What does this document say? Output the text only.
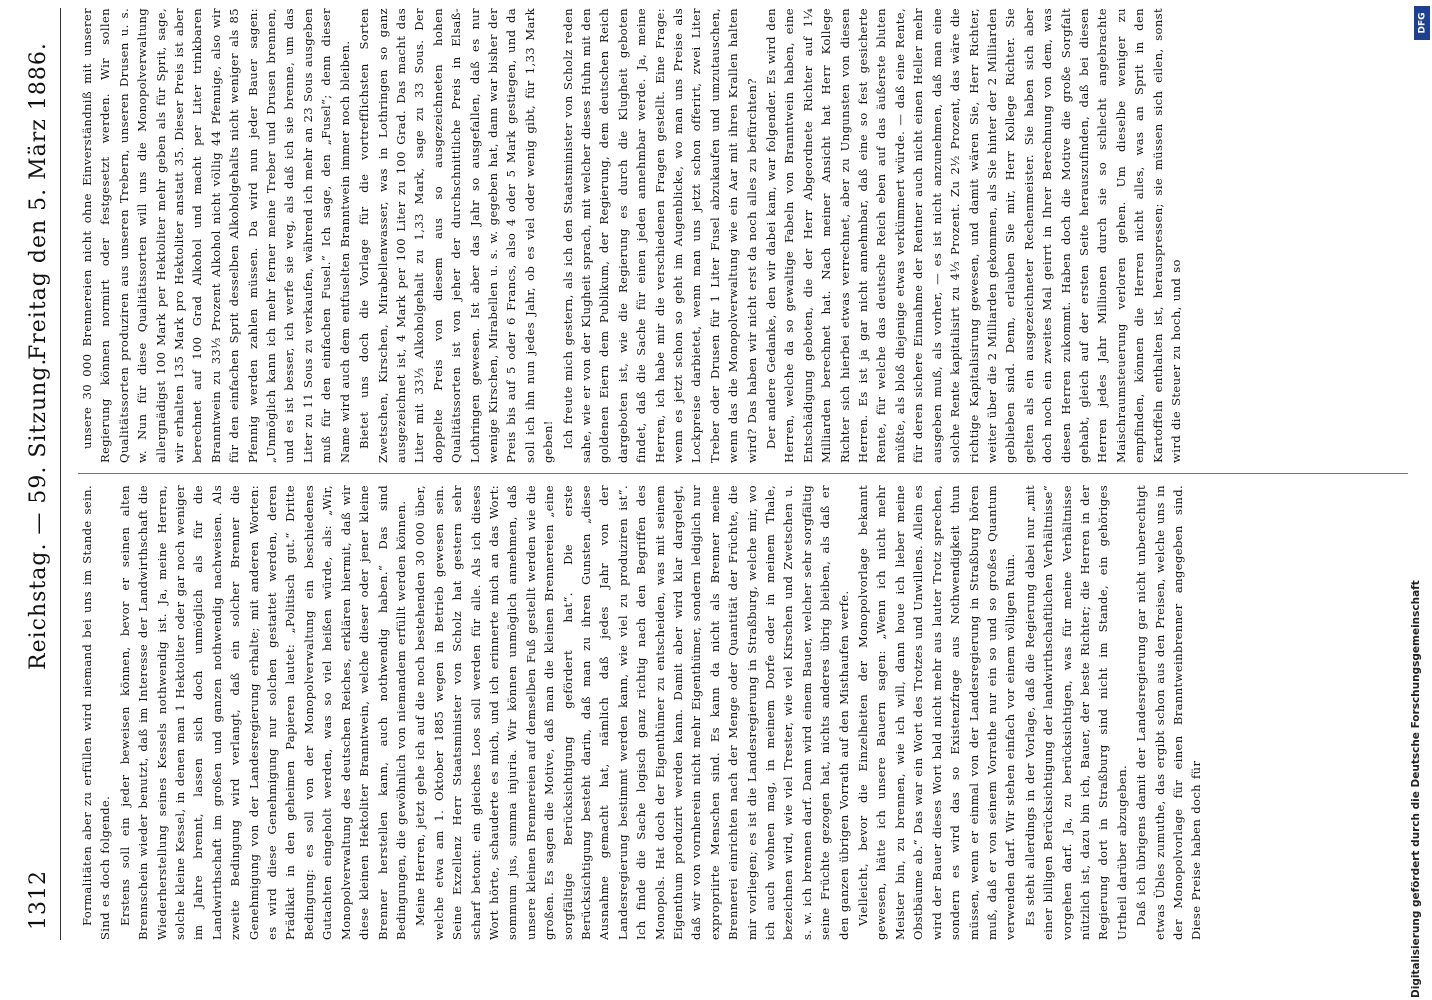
1312
Reichstag. — 59. Sitzung.
Freitag den 5. März 1886.

Formalitäten aber zu erfüllen wird niemand bei uns im Stande sein. Sind es doch folgende. Erstens soll ein jeder beweisen können, bevor er seinen alten Brennschein wieder benutzt, daß im Interesse der Landwirthschaft die Wiederherstellung seines Kessels nothwendig ist. Ja, meine Herren, solche kleine Kessel, in denen man 1 Hektoliter oder gar noch weniger im Jahre brennt, lassen sich doch unmöglich als für die Landwirthschaft im großen und ganzen nothwendig nachweisen. Als zweite Bedingung wird verlangt, daß ein solcher Brenner die Genehmigung von der Landesregierung erhalte; mit anderen Worten: es wird diese Genehmigung nur solchen gestattet werden, deren Prädikat in den geheimen Papieren lautet: „Politisch gut.“ Dritte Bedingung: es soll von der Monopolverwaltung ein beschiedenes Gutachten eingeholt werden, was so viel heißen würde, als: „Wir, Monopolverwaltung des deutschen Reiches, erklären hiermit, daß wir diese kleinen Hektoliter Branntwein, welche dieser oder jener kleine Brenner herstellen kann, auch nothwendig haben.“ Das sind Bedingungen, die gewöhnlich von niemandem erfüllt werden können. Meine Herren, jetzt gehe ich auf die noch bestehenden 30 000 über, welche etwa am 1. Oktober 1885 wegen in Betrieb gewesen sein. Seine Exzellenz Herr Staatsminister von Scholz hat gestern sehr scharf betont: ein gleiches Loos soll werden für alle. Als ich dieses Wort hörte, schauderte es mich, und ich erinnerte mich an das Wort: sommum jus, summa injuria. Wir können unmöglich annehmen, daß unsere kleinen Brennereien auf demselben Fuß gestellt werden wie die großen. Es sagen die Motive, daß man die kleinen Brennereien „eine sorgfältige Berücksichtigung gefördert hat“. Die erste Berücksichtigung besteht darin, daß man zu ihren Gunsten „diese Ausnahme gemacht hat, nämlich daß jedes Jahr von der Landesregierung bestimmt werden kann, wie viel zu produziren ist“. Ich finde die Sache logisch ganz richtig nach den Begriffen des Monopols. Hat doch der Eigenthümer zu entscheiden, was mit seinem Eigenthum produzirt werden kann. Damit aber wird klar dargelegt, daß wir von vornherein nicht mehr Eigenthümer, sondern lediglich nur expropriirte Menschen sind. Es kann da nicht als Brenner meine Brennerei einrichten nach der Menge oder Quantität der Früchte, die mir vorliegen; es ist die Landesregierung in Straßburg, welche mir, wo ich auch wohnen mag, in meinem Dorfe oder in meinem Thale, bezeichnen wird, wie viel Trester, wie viel Kirschen und Zwetschen u. s. w. ich brennen darf. Dann wird einem Bauer, welcher sehr sorgfältig seine Früchte gezogen hat, nichts anderes übrig bleiben, als daß er den ganzen übrigen Vorrath auf den Misthaufen werfe. Vielleicht, bevor die Einzelheiten der Monopolvorlage bekannt gewesen, hätte ich unsere Bauern sagen: „Wenn ich nicht mehr Meister bin, zu brennen, wie ich will, dann houe ich lieber meine Obstbäume ab.“ Das war ein Wort des Trotzes und Unwillens. Allein es wird der Bauer dieses Wort bald nicht mehr aus lauter Trotz sprechen, sondern es wird das so Existenzfrage aus Nothwendigkeit thun müssen, wenn er einmal von der Landesregierung in Straßburg hören muß, daß er von seinem Vorrathe nur ein so und so großes Quantum verwenden darf. Wir stehen einfach vor einem völligen Ruin. Es steht allerdings in der Vorlage, daß die Regierung dabei nur „mit einer billigen Berücksichtigung der landwirthschaftlichen Verhältnisse“ vorgehen darf. Ja, zu berücksichtigen, was für meine Verhältnisse nützlich ist, dazu bin ich, Bauer, der beste Richter; die Herren in der Regierung dort in Straßburg sind nicht im Stande, ein gehöriges Urtheil darüber abzugeben. Daß ich übrigens damit der Landesregierung gar nicht unberechtigt etwas Übles zumuthe, das ergibt schon aus den Preisen, welche uns in der Monopolvorlage für einen Branntweinbrenner angegeben sind. Diese Preise haben doch für

unsere 30 000 Brennereien nicht ohne Einverständniß mit unserer Regierung können normirt oder festgesetzt werden. Wir sollen Qualitätssorten produziren aus unseren Trebern, unseren Drusen u. s. w. Nun für diese Qualitätssorten will uns die Monopolverwaltung allergnädigst 100 Mark per Hektoliter mehr geben als für Sprit, sage, wir erhalten 135 Mark pro Hektoliter anstatt 35. Dieser Preis ist aber berechnet auf 100 Grad Alkohol und macht per Liter trinkbaren Branntwein zu 33⅓ Prozent Alkohol nicht völlig 44 Pfennige, also wir für den einfachen Sprit desselben Alkoholgehalts nicht weniger als 85 Pfennig werden zahlen müssen. Da wird nun jeder Bauer sagen: „Unmöglich kann ich mehr ferner meine Treber und Drusen brennen, und es ist besser, ich werfe sie weg, als daß ich sie brenne, um das Liter zu 11 Sous zu verkaufen, während ich mehr an 23 Sous ausgeben muß für den einfachen Fusel.“ Ich sage, den „Fusel“; denn dieser Name wird auch dem entfuselten Branntwein immer noch bleiben. Bietet uns doch die Vorlage für die vortrefflichsten Sorten Zwetschen, Kirschen, Mirabellenwasser, was in Lothringen so ganz ausgezeichnet ist, 4 Mark per 100 Liter zu 100 Grad. Das macht das Liter mit 33⅓ Alkoholgehalt zu 1,33 Mark, sage zu 33 Sous. Der doppelte Preis von diesem aus so ausgezeichneten hohen Qualitätssorten ist von jeher der durchschnittliche Preis in Elsaß-Lothringen gewesen. Ist aber das Jahr so ausgefallen, daß es nur wenige Kirschen, Mirabellen u. s. w. gegeben hat, dann war bisher der Preis bis auf 5 oder 6 Francs, also 4 oder 5 Mark gestiegen, und da soll ich ihn nun jedes Jahr, ob es viel oder wenig gibt, für 1,33 Mark geben! Ich freute mich gestern, als ich den Staatsminister von Scholz reden sahe, wie er von der Klugheit sprach, mit welcher dieses Huhn mit den goldenen Eiern dem Publikum, der Regierung, dem deutschen Reich dargeboten ist, wie die Regierung es durch die Klugheit geboten findet, daß die Sache für einen jeden annehmbar werde. Ja, meine Herren, ich habe mir die verschiedenen Fragen gestellt. Eine Frage: wenn es jetzt schon so geht im Augenblicke, wo man uns Preise als Lockpreise darbietet, wenn man uns jetzt schon offerirt, zwei Liter Treber oder Drusen für 1 Liter Fusel abzukaufen und umzutauschen, wenn das die Monopolverwaltung wie ein Aar mit ihren Krallen halten wird? Das haben wir nicht erst da noch alles zu befürchten? Der andere Gedanke, den wir dabei kam, war folgender. Es wird den Herren, welche da so gewaltige Fabeln von Branntwein haben, eine Entschädigung geboten, die der Herr Abgeordnete Richter auf 1¼ Milliarden berechnet hat. Nach meiner Ansicht hat Herr Kollege Richter sich hierbei etwas verrechnet, aber zu Ungunsten von diesen Herren. Es ist ja gar nicht annehmbar, daß eine so fest gesicherte Rente, für welche das deutsche Reich eben auf das äußerste bluten müßte, als bloß diejenige etwas verkümmert würde. — daß eine Rente, für deren sichere Einnahme der Rentner auch nicht einen Heller mehr ausgeben muß, als vorher, — es ist nicht anzunehmen, daß man eine solche Rente kapitalisirt zu 4⅓ Prozent. Zu 2½ Prozent, das wäre die richtige Kapitalisirung gewesen, und damit wären Sie, Herr Richter, weiter über die 2 Milliarden gekommen, als Sie hinter der 2 Milliarden geblieben sind. Denn, erlauben Sie mir, Herr Kollege Richter. Sie gelten als ein ausgezeichneter Rechenmeister. Sie haben sich aber doch noch ein zweites Mal geirrt in Ihrer Berechnung von dem, was diesen Herren zukommt. Haben doch die Motive die große Sorgfalt gehabt, gleich auf der ersten Seite herauszufinden, daß bei diesen Herren jedes Jahr Millionen durch sie so schlecht angebrachte Maischraumsteuerung verloren gehen. Um dieselbe weniger zu empfinden, können die Herren nicht alles, was an Sprit in den Kartoffeln enthalten ist, herauspressen; sie müssen sich eilen, sonst wird die Steuer zu hoch, und so

Digitalisierung gefördert durch die Deutsche Forschungsgemeinschaft
DFG
